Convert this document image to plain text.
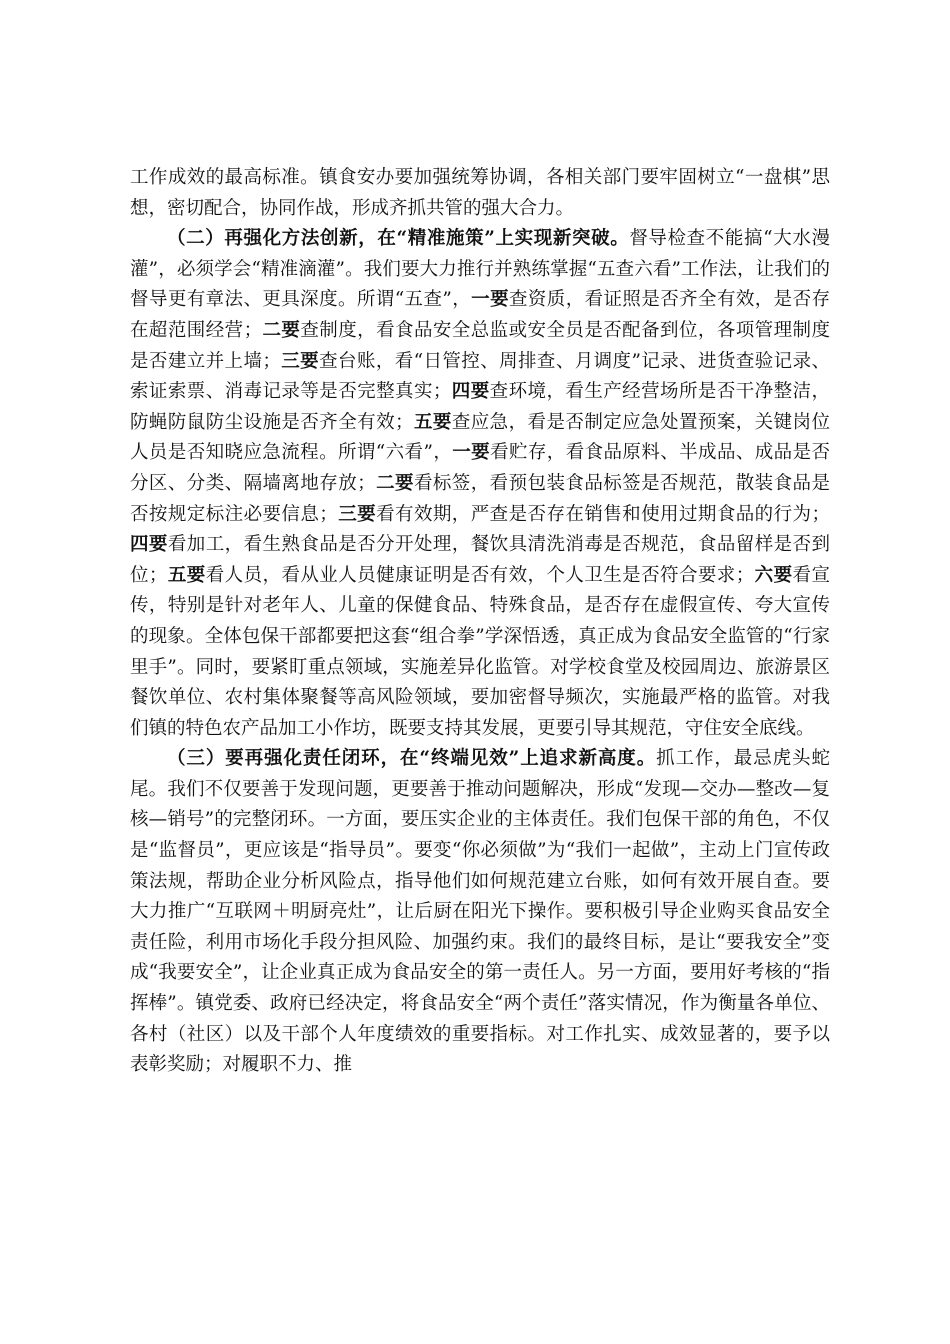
工作成效的最高标准。镇食安办要加强统筹协调，各相关部门要牢固树立“一盘棋”思想，密切配合，协同作战，形成齐抓共管的强大合力。

（二）再强化方法创新，在“精准施策”上实现新突破。督导检查不能搞“大水漫灌”，必须学会“精准滴灌”。我们要大力推行并熟练掌握“五查六看”工作法，让我们的督导更有章法、更具深度。所谓“五查”，一要查资质，看证照是否齐全有效，是否存在超范围经营；二要查制度，看食品安全总监或安全员是否配备到位，各项管理制度是否建立并上墙；三要查台账，看“日管控、周排查、月调度”记录、进货查验记录、索证索票、消毒记录等是否完整真实；四要查环境，看生产经营场所是否干净整洁，防蝇防鼠防尘设施是否齐全有效；五要查应急，看是否制定应急处置预案，关键岗位人员是否知晓应急流程。所谓“六看”，一要看贮存，看食品原料、半成品、成品是否分区、分类、隔墙离地存放；二要看标签，看预包装食品标签是否规范，散装食品是否按规定标注必要信息；三要看有效期，严查是否存在销售和使用过期食品的行为；四要看加工，看生熟食品是否分开处理，餐饮具清洗消毒是否规范，食品留样是否到位；五要看人员，看从业人员健康证明是否有效，个人卫生是否符合要求；六要看宣传，特别是针对老年人、儿童的保健食品、特殊食品，是否存在虚假宣传、夸大宣传的现象。全体包保干部都要把这套“组合拳”学深悟透，真正成为食品安全监管的“行家里手”。同时，要紧盯重点领域，实施差异化监管。对学校食堂及校园周边、旅游景区餐饮单位、农村集体聚餐等高风险领域，要加密督导频次，实施最严格的监管。对我们镇的特色农产品加工小作坊，既要支持其发展，更要引导其规范，守住安全底线。

（三）要再强化责任闭环，在“终端见效”上追求新高度。抓工作，最忌虎头蛇尾。我们不仅要善于发现问题，更要善于推动问题解决，形成“发现—交办—整改—复核—销号”的完整闭环。一方面，要压实企业的主体责任。我们包保干部的角色，不仅是“监督员”，更应该是“指导员”。要变“你必须做”为“我们一起做”，主动上门宣传政策法规，帮助企业分析风险点，指导他们如何规范建立台账，如何有效开展自查。要大力推广“互联网＋明厨亮灶”，让后厨在阳光下操作。要积极引导企业购买食品安全责任险，利用市场化手段分担风险、加强约束。我们的最终目标，是让“要我安全”变成“我要安全”，让企业真正成为食品安全的第一责任人。另一方面，要用好考核的“指挥棒”。镇党委、政府已经决定，将食品安全“两个责任”落实情况，作为衡量各单位、各村（社区）以及干部个人年度绩效的重要指标。对工作扎实、成效显著的，要予以表彰奖励；对履职不力、推
